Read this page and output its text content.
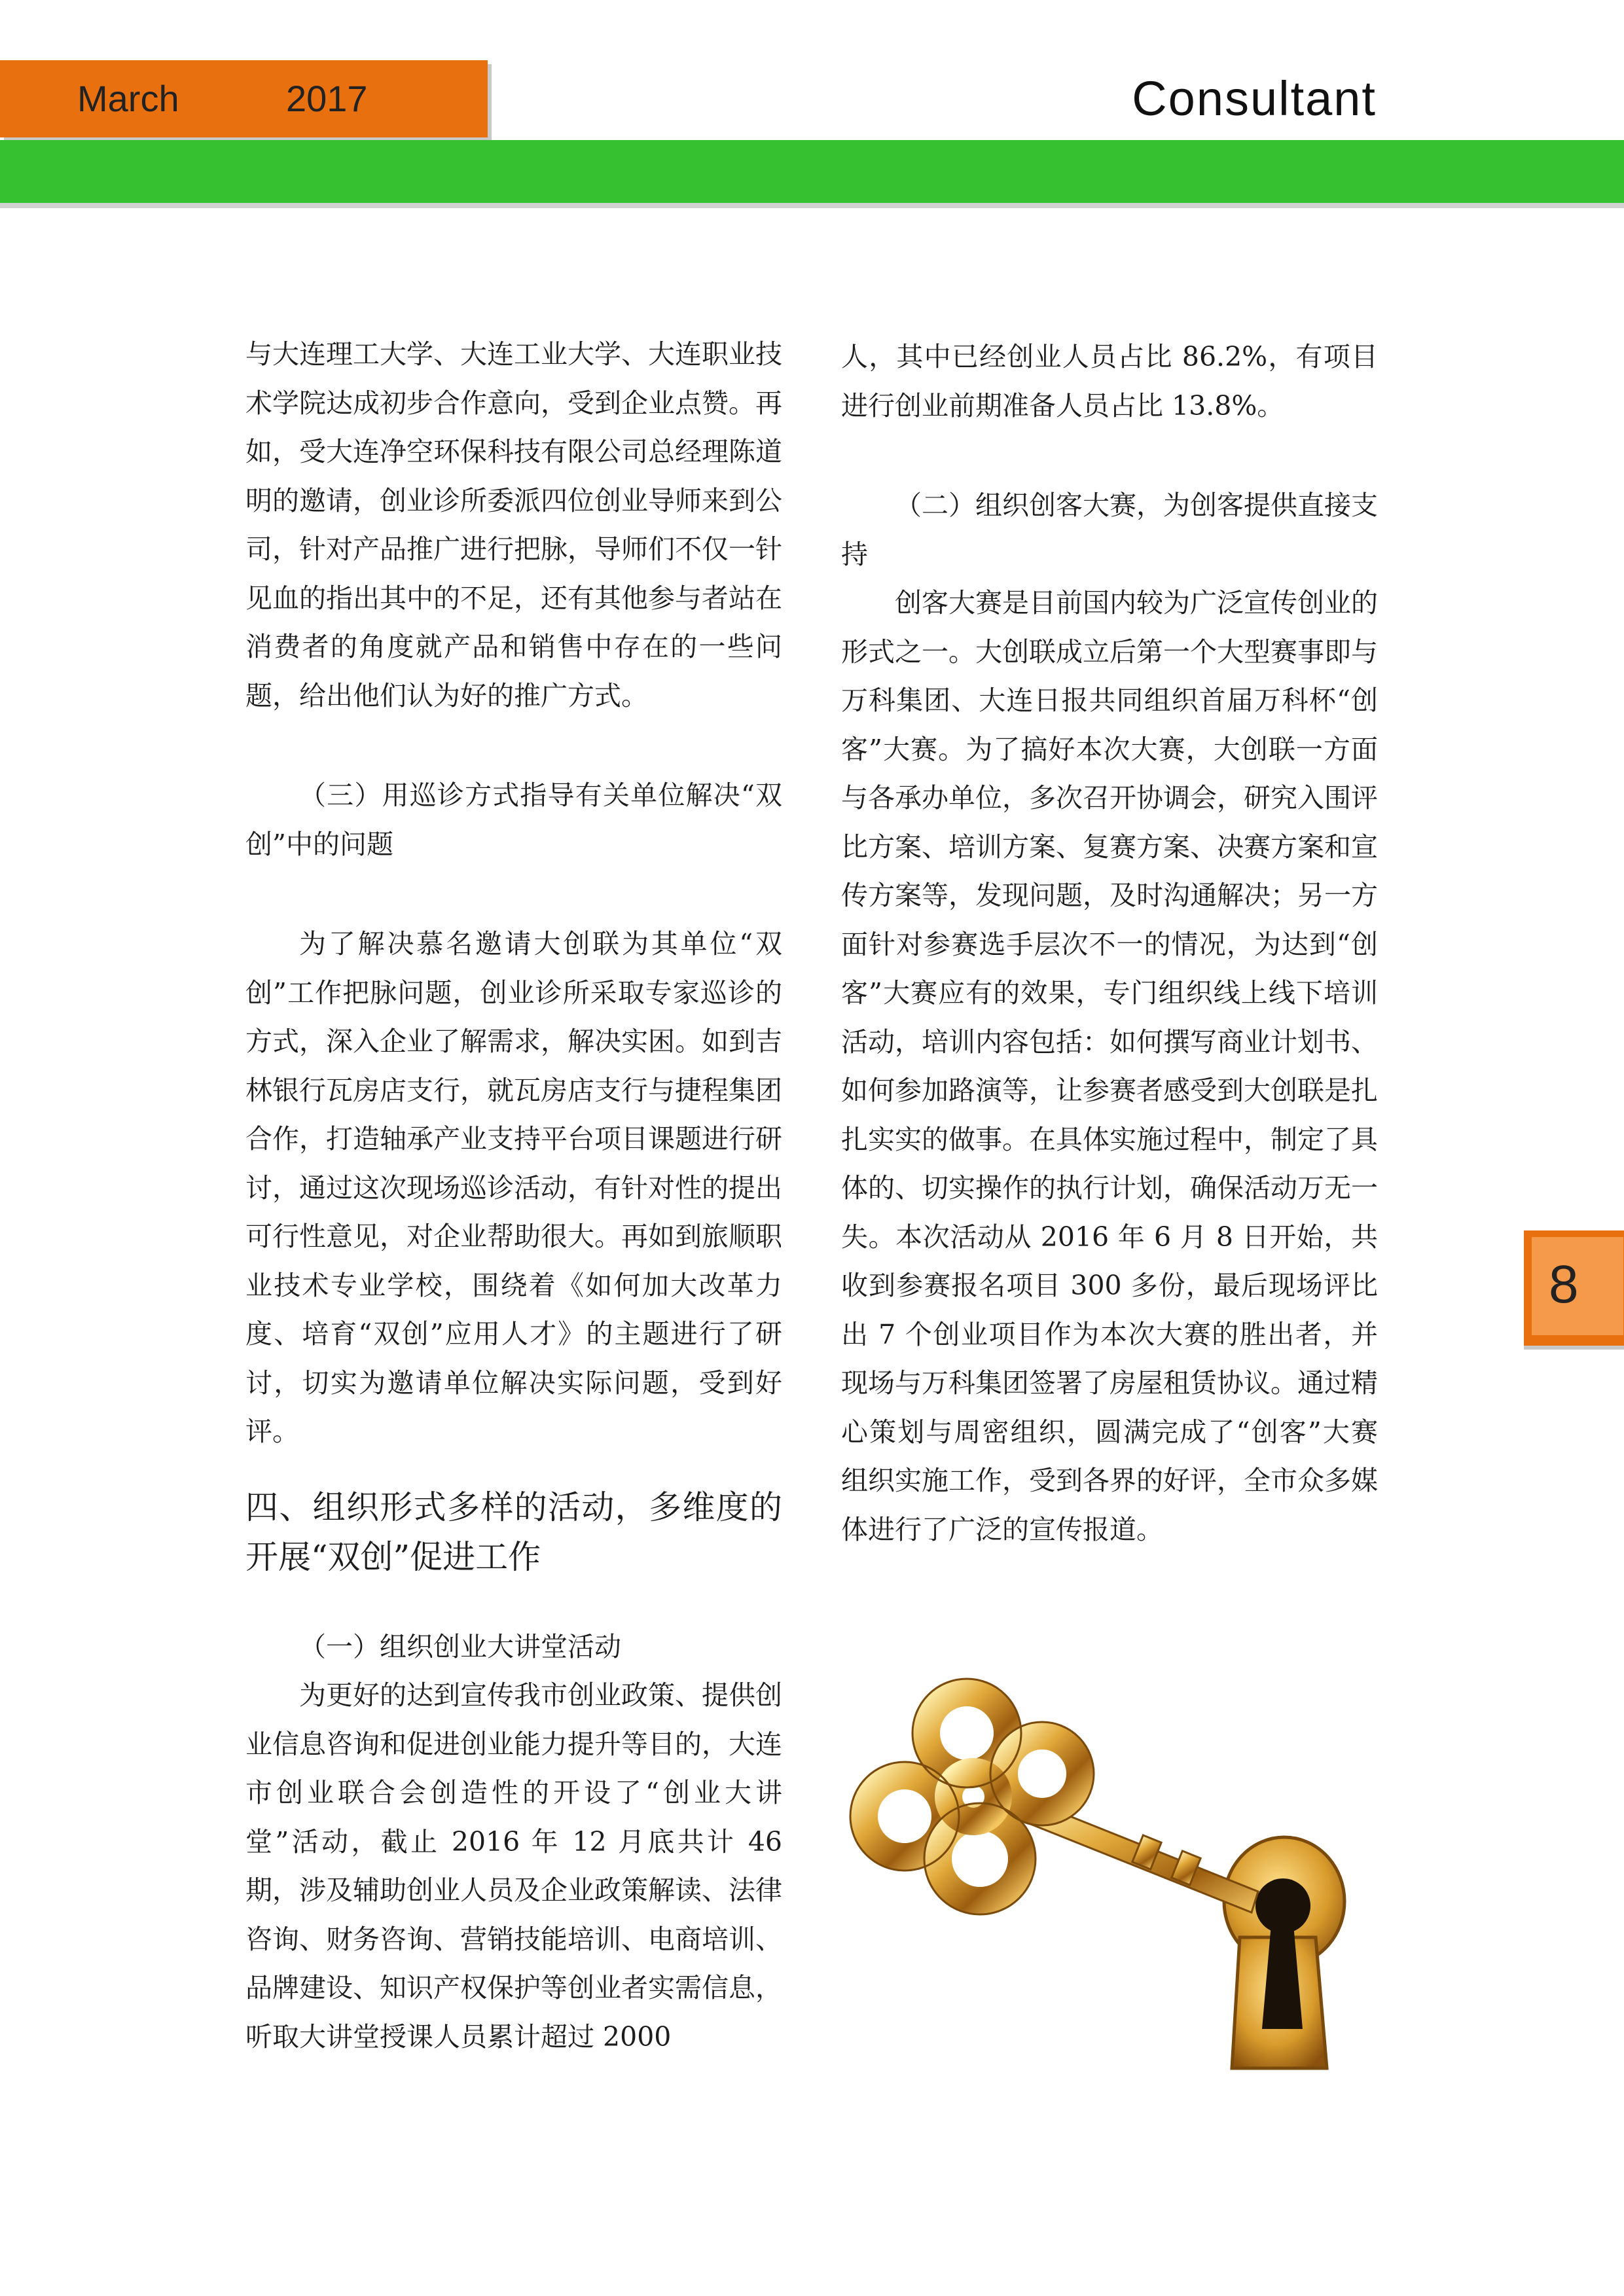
March	2017	Consultant

与大连理工大学、大连工业大学、大连职业技术学院达成初步合作意向，受到企业点赞。再如，受大连净空环保科技有限公司总经理陈道明的邀请，创业诊所委派四位创业导师来到公司，针对产品推广进行把脉，导师们不仅一针见血的指出其中的不足，还有其他参与者站在消费者的角度就产品和销售中存在的一些问题，给出他们认为好的推广方式。

（三）用巡诊方式指导有关单位解决“双创”中的问题

为了解决慕名邀请大创联为其单位“双创”工作把脉问题，创业诊所采取专家巡诊的方式，深入企业了解需求，解决实困。如到吉林银行瓦房店支行，就瓦房店支行与捷程集团合作，打造轴承产业支持平台项目课题进行研讨，通过这次现场巡诊活动，有针对性的提出可行性意见，对企业帮助很大。再如到旅顺职业技术专业学校，围绕着《如何加大改革力度、培育“双创”应用人才》的主题进行了研讨，切实为邀请单位解决实际问题，受到好评。

四、组织形式多样的活动，多维度的开展“双创”促进工作

（一）组织创业大讲堂活动

为更好的达到宣传我市创业政策、提供创业信息咨询和促进创业能力提升等目的，大连市创业联合会创造性的开设了“创业大讲堂”活动，截止 2016 年 12 月底共计 46 期，涉及辅助创业人员及企业政策解读、法律咨询、财务咨询、营销技能培训、电商培训、品牌建设、知识产权保护等创业者实需信息，听取大讲堂授课人员累计超过 2000

人，其中已经创业人员占比 86.2%，有项目进行创业前期准备人员占比 13.8%。

（二）组织创客大赛，为创客提供直接支持

创客大赛是目前国内较为广泛宣传创业的形式之一。大创联成立后第一个大型赛事即与万科集团、大连日报共同组织首届万科杯“创客”大赛。为了搞好本次大赛，大创联一方面与各承办单位，多次召开协调会，研究入围评比方案、培训方案、复赛方案、决赛方案和宣传方案等，发现问题，及时沟通解决；另一方面针对参赛选手层次不一的情况，为达到“创客”大赛应有的效果，专门组织线上线下培训活动，培训内容包括：如何撰写商业计划书、如何参加路演等，让参赛者感受到大创联是扎扎实实的做事。在具体实施过程中，制定了具体的、切实操作的执行计划，确保活动万无一失。本次活动从 2016 年 6 月 8 日开始，共收到参赛报名项目 300 多份，最后现场评比出 7 个创业项目作为本次大赛的胜出者，并现场与万科集团签署了房屋租赁协议。通过精心策划与周密组织，圆满完成了“创客”大赛组织实施工作，受到各界的好评，全市众多媒体进行了广泛的宣传报道。

8
